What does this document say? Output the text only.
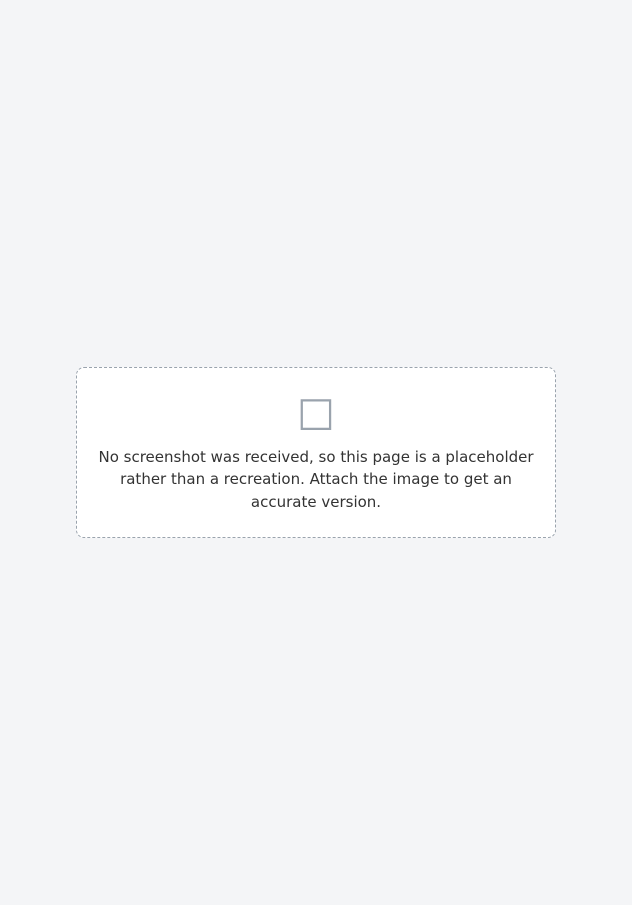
□

No screenshot was received, so this page is a placeholder rather than a recreation. Attach the image to get an accurate version.
